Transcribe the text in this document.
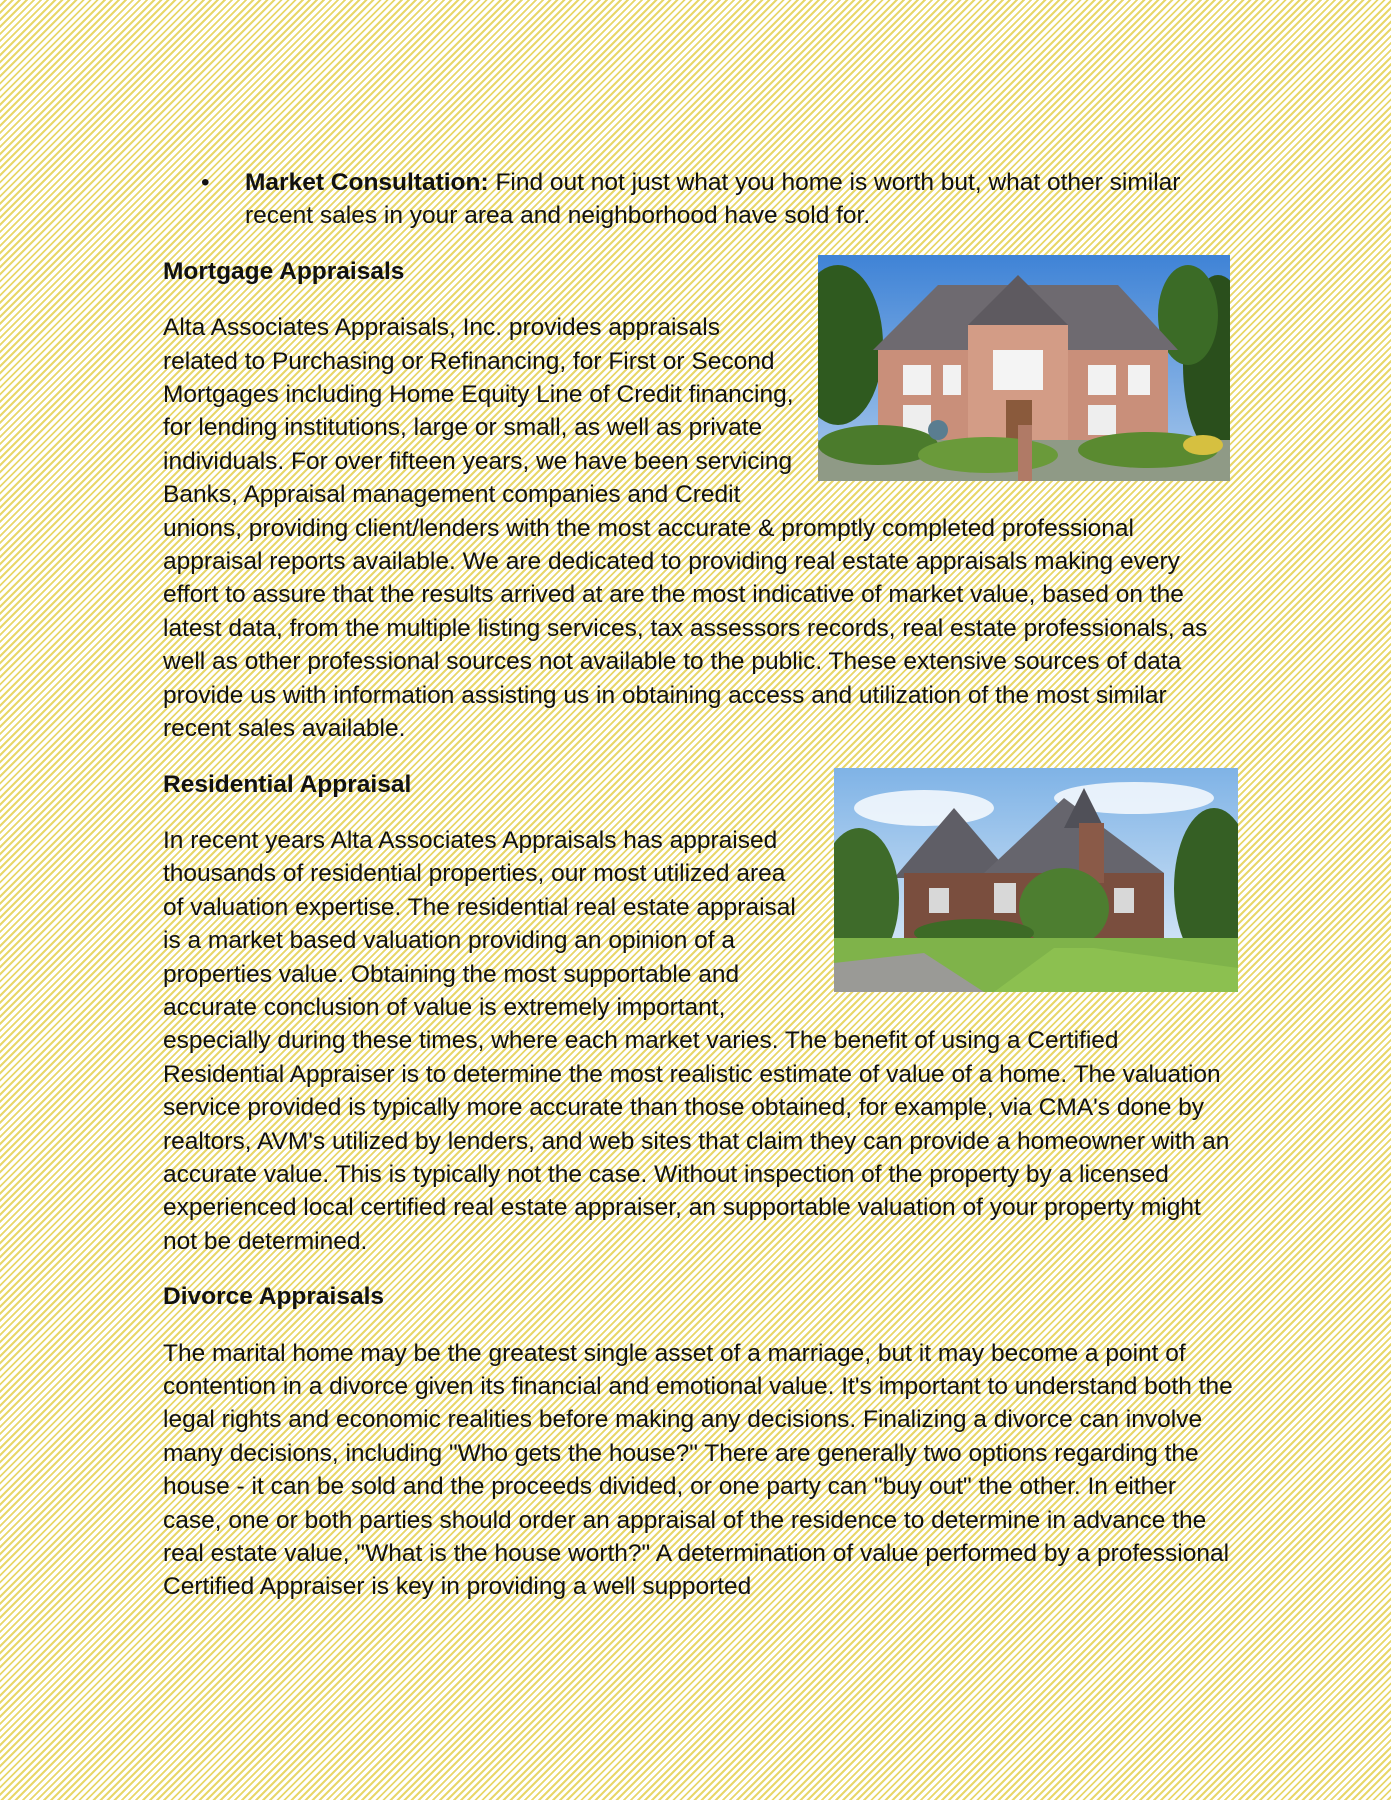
• Market Consultation: Find out not just what you home is worth but, what other similar recent sales in your area and neighborhood have sold for.
Mortgage Appraisals

Alta Associates Appraisals, Inc. provides appraisals related to Purchasing or Refinancing, for First or Second Mortgages including Home Equity Line of Credit financing, for lending institutions, large or small, as well as private individuals. For over fifteen years, we have been servicing Banks, Appraisal management companies and Credit unions, providing client/lenders with the most accurate & promptly completed professional appraisal reports available. We are dedicated to providing real estate appraisals making every effort to assure that the results arrived at are the most indicative of market value, based on the latest data, from the multiple listing services, tax assessors records, real estate professionals, as well as other professional sources not available to the public. These extensive sources of data provide us with information assisting us in obtaining access and utilization of the most similar recent sales available.

Residential Appraisal

In recent years Alta Associates Appraisals has appraised thousands of residential properties, our most utilized area of valuation expertise. The residential real estate appraisal is a market based valuation providing an opinion of a properties value. Obtaining the most supportable and accurate conclusion of value is extremely important, especially during these times, where each market varies. The benefit of using a Certified Residential Appraiser is to determine the most realistic estimate of value of a home. The valuation service provided is typically more accurate than those obtained, for example, via CMA's done by realtors, AVM's utilized by lenders, and web sites that claim they can provide a homeowner with an accurate value. This is typically not the case. Without inspection of the property by a licensed experienced local certified real estate appraiser, an supportable valuation of your property might not be determined.

Divorce Appraisals

The marital home may be the greatest single asset of a marriage, but it may become a point of contention in a divorce given its financial and emotional value. It's important to understand both the legal rights and economic realities before making any decisions. Finalizing a divorce can involve many decisions, including "Who gets the house?" There are generally two options regarding the house - it can be sold and the proceeds divided, or one party can "buy out" the other. In either case, one or both parties should order an appraisal of the residence to determine in advance the real estate value, "What is the house worth?" A determination of value performed by a professional Certified Appraiser is key in providing a well supported
